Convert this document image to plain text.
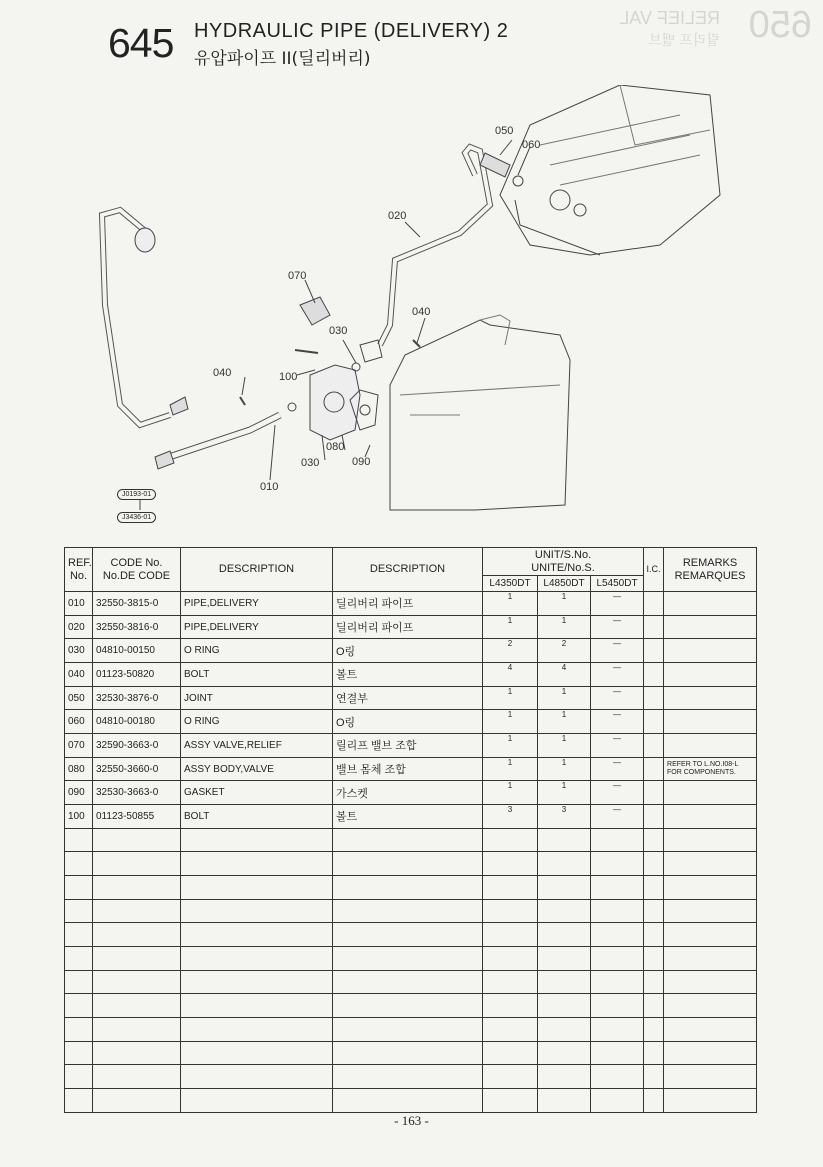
650
RELIEF VAL
릴리프 밸브
645 HYDRAULIC PIPE (DELIVERY) 2
유압파이프 II(딜리버리)
050
060
020
070
030
040
100
040
080
030	090
010
J0193-01
J3436-01
REF.
No.	CODE No.
No.DE CODE	DESCRIPTION	DESCRIPTION	UNIT/S.No.
UNITE/No.S.			I.C.	REMARKS
REMARQUES
				L4350DT	L4850DT	L5450DT		
010	32550-3815-0	PIPE,DELIVERY	딜리버리 파이프	1	1	—		
020	32550-3816-0	PIPE,DELIVERY	딜리버리 파이프	1	1	—		
030	04810-00150	O RING	O링	2	2	—		
040	01123-50820	BOLT	볼트	4	4	—		
050	32530-3876-0	JOINT	연결부	1	1	—		
060	04810-00180	O RING	O링	1	1	—		
070	32590-3663-0	ASSY VALVE,RELIEF	릴리프 밸브 조합	1	1	—		
080	32550-3660-0	ASSY BODY,VALVE	밸브 몸체 조합	1	1	—		REFER TO L.NO.I08-L
FOR COMPONENTS.

090	32530-3663-0	GASKET	가스켓	1	1	—		
100	01123-50855	BOLT	볼트	3	3	—		

- 163 -
